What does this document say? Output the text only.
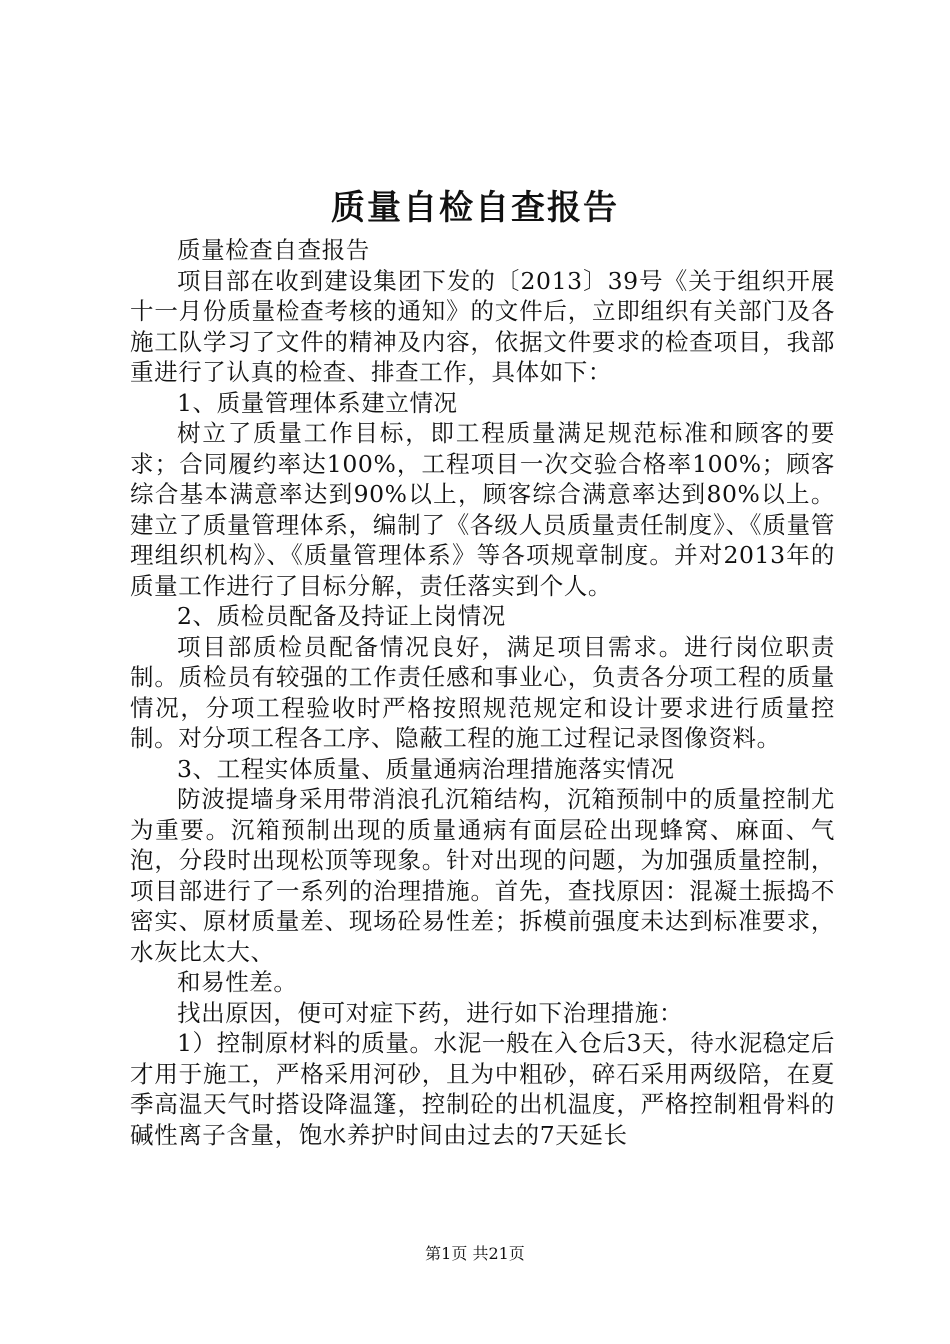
质量自检自查报告

质量检查自查报告

项目部在收到建设集团下发的〔2013〕39号《关于组织开展十一月份质量检查考核的通知》的文件后，立即组织有关部门及各施工队学习了文件的精神及内容，依据文件要求的检查项目，我部重进行了认真的检查、排查工作，具体如下：

1、质量管理体系建立情况

树立了质量工作目标，即工程质量满足规范标准和顾客的要求；合同履约率达100%，工程项目一次交验合格率100%；顾客综合基本满意率达到90%以上，顾客综合满意率达到80%以上。建立了质量管理体系，编制了《各级人员质量责任制度》、《质量管理组织机构》、《质量管理体系》等各项规章制度。并对2013年的质量工作进行了目标分解，责任落实到个人。

2、质检员配备及持证上岗情况

项目部质检员配备情况良好，满足项目需求。进行岗位职责制。质检员有较强的工作责任感和事业心，负责各分项工程的质量情况，分项工程验收时严格按照规范规定和设计要求进行质量控制。对分项工程各工序、隐蔽工程的施工过程记录图像资料。

3、工程实体质量、质量通病治理措施落实情况

防波提墙身采用带消浪孔沉箱结构，沉箱预制中的质量控制尤为重要。沉箱预制出现的质量通病有面层砼出现蜂窝、麻面、气泡，分段时出现松顶等现象。针对出现的问题，为加强质量控制，项目部进行了一系列的治理措施。首先，查找原因：混凝土振捣不密实、原材质量差、现场砼易性差；拆模前强度未达到标准要求，水灰比太大、

和易性差。

找出原因，便可对症下药，进行如下治理措施：

1）控制原材料的质量。水泥一般在入仓后3天，待水泥稳定后才用于施工，严格采用河砂，且为中粗砂，碎石采用两级陪，在夏季高温天气时搭设降温篷，控制砼的出机温度，严格控制粗骨料的碱性离子含量，饱水养护时间由过去的7天延长

第1页 共21页
